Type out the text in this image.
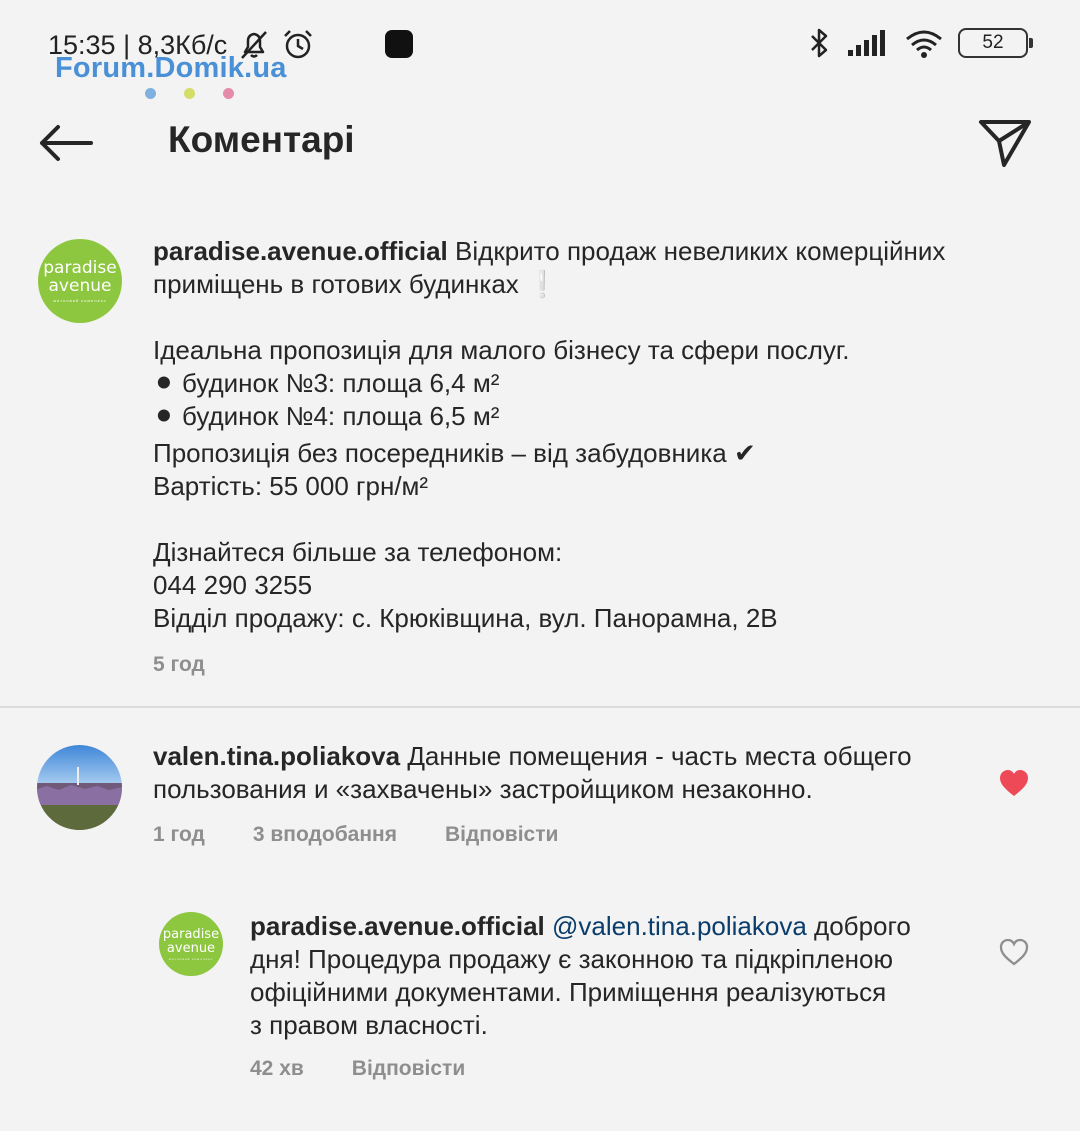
15:35 | 8,3Кб/с	52
Forum.Domik.ua
Коментарі
paradise
avenue
житловий комплекс
paradise.avenue.official Відкрито продаж невеликих комерційних
приміщень в готових будинках ❕
Ідеальна пропозиція для малого бізнесу та сфери послуг.
⚫ будинок №3: площа 6,4 м²
⚫ будинок №4: площа 6,5 м²
Пропозиція без посередників – від забудовника ✔
Вартість: 55 000 грн/м²
Дізнайтеся більше за телефоном:
044 290 3255
Відділ продажу: с. Крюківщина, вул. Панорамна, 2В
5 год
valen.tina.poliakova Данные помещения - часть места общего
пользования и «захвачены» застройщиком незаконно.
1 год 3 вподобання Відповісти
paradise
avenue
житловий комплекс
paradise.avenue.official @valen.tina.poliakova доброго
дня! Процедура продажу є законною та підкріпленою
офіційними документами. Приміщення реалізуються
з правом власності.
42 хв Відповісти
